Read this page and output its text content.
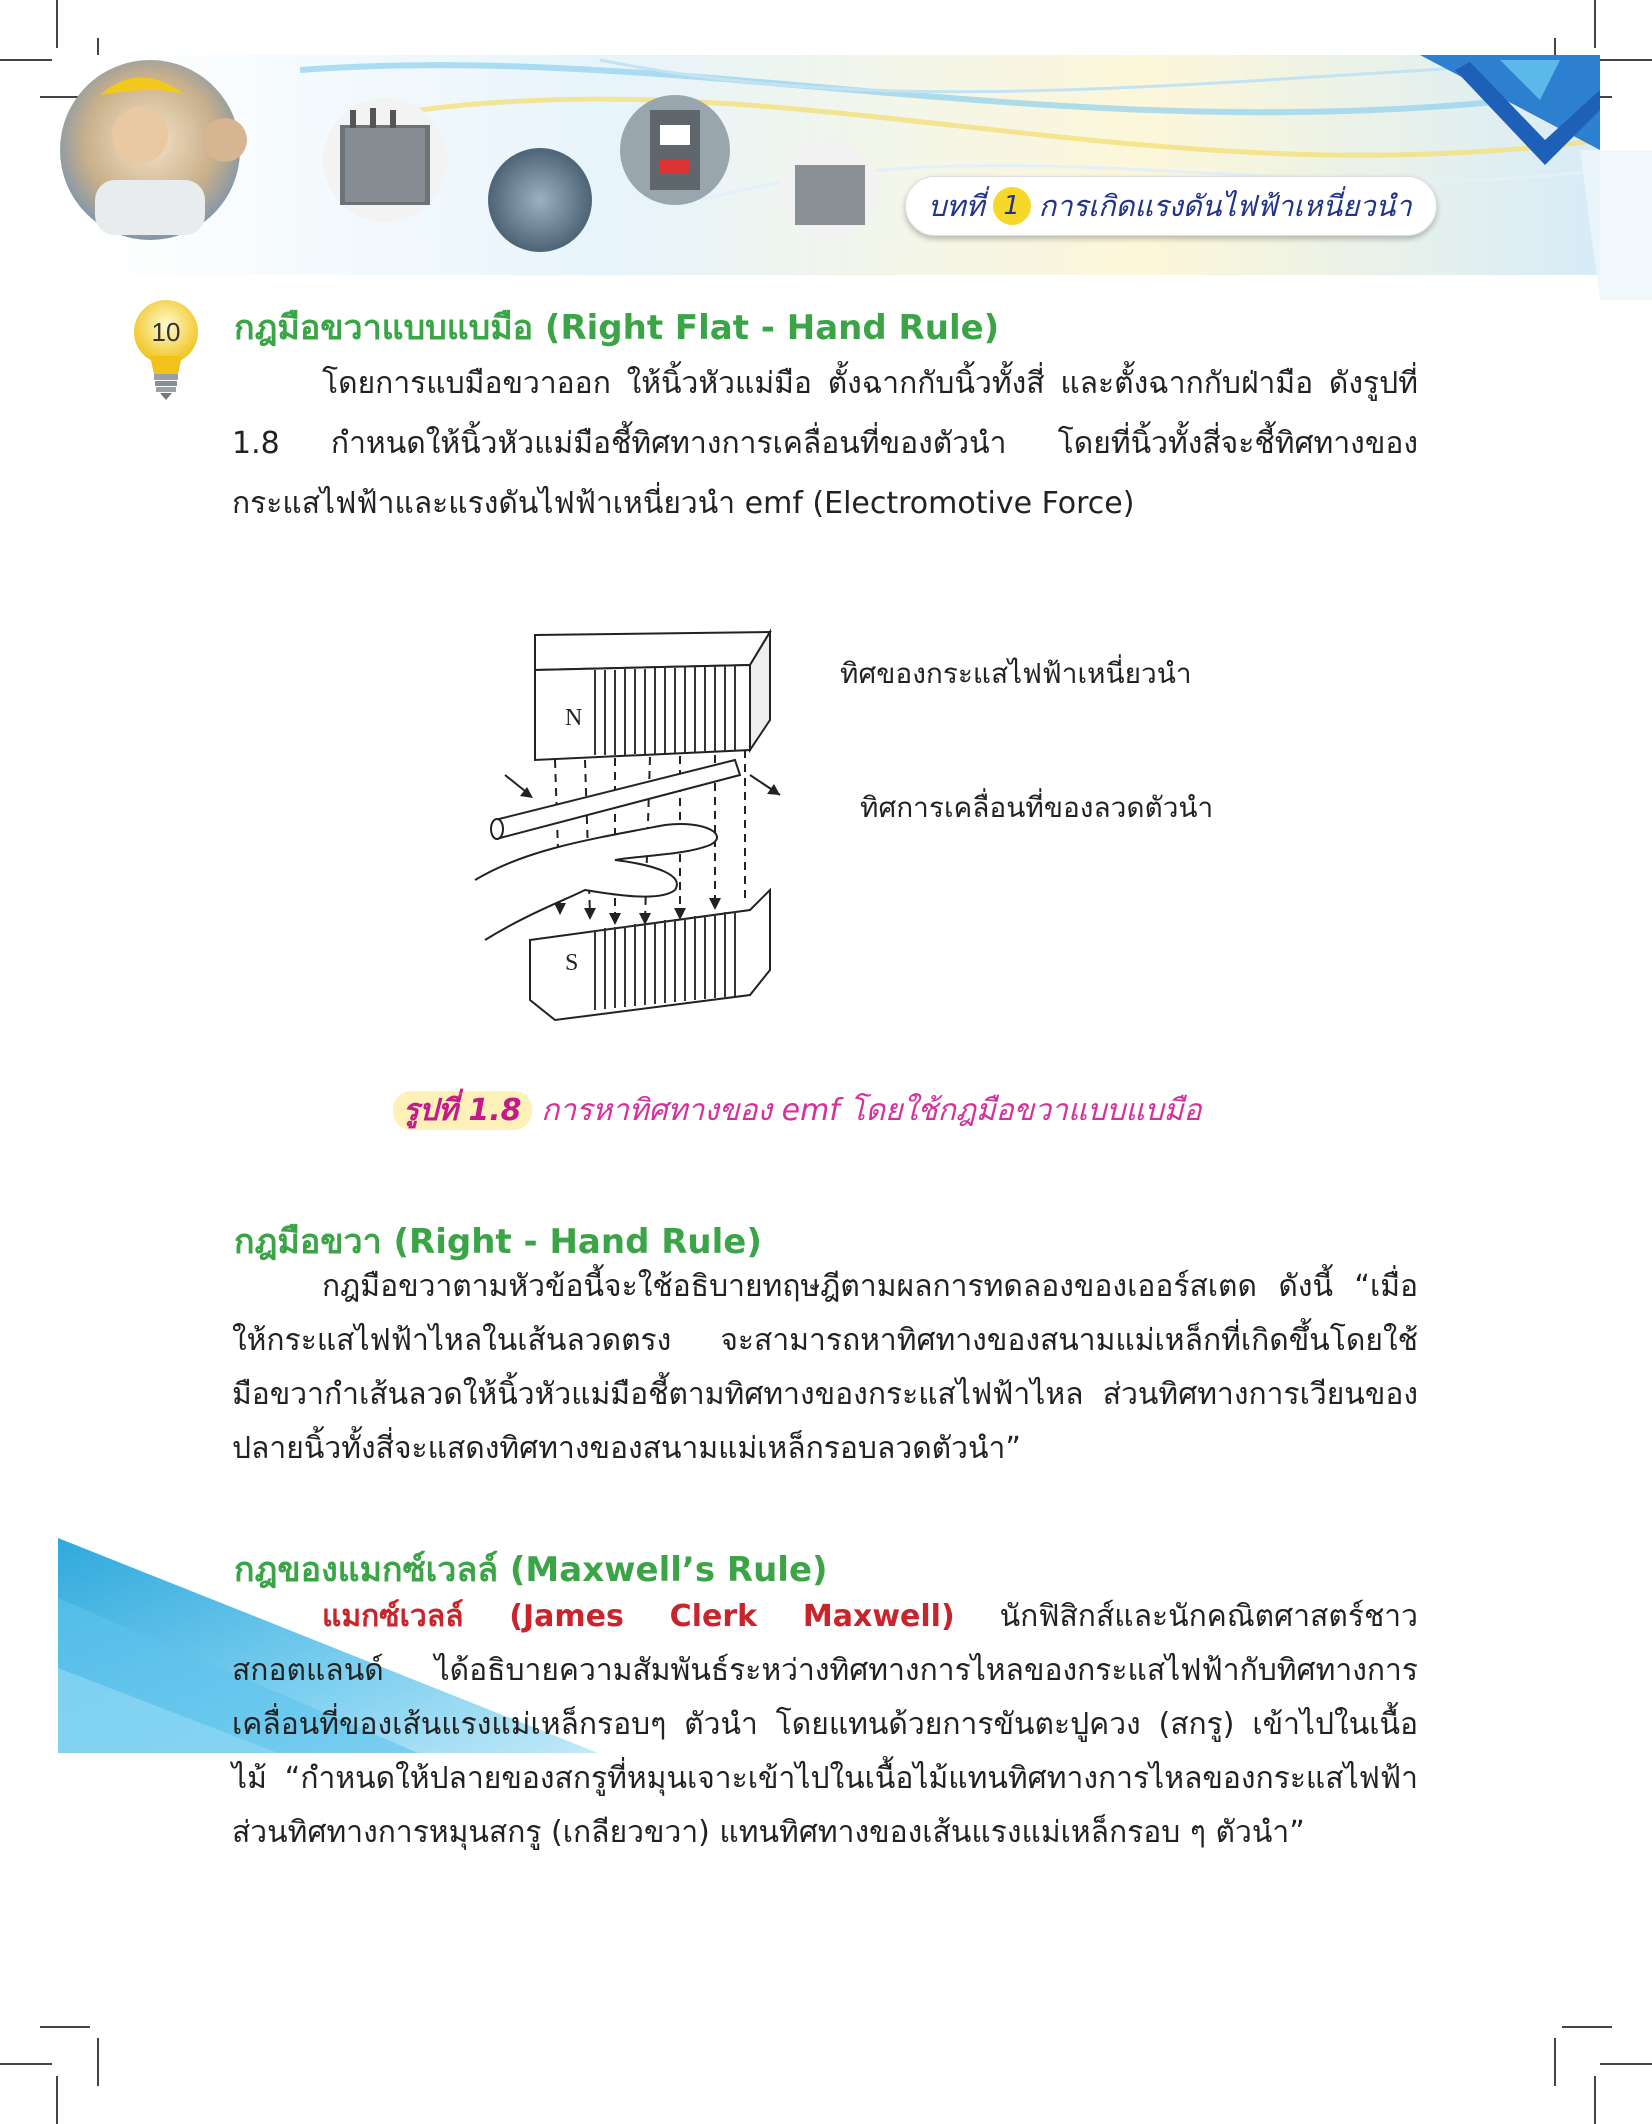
บทที่ 1 การเกิดแรงดันไฟฟ้าเหนี่ยวนำ
10 กฎมือขวาแบบแบมือ (Right Flat - Hand Rule)

โดยการแบมือขวาออก ให้นิ้วหัวแม่มือ ตั้งฉากกับนิ้วทั้งสี่ และตั้งฉากกับฝ่ามือ ดังรูปที่ 1.8 กำหนดให้นิ้วหัวแม่มือชี้ทิศทางการเคลื่อนที่ของตัวนำ โดยที่นิ้วทั้งสี่จะชี้ทิศทางของกระแสไฟฟ้าและแรงดันไฟฟ้าเหนี่ยวนำ emf (Electromotive Force)

N
S
ทิศของกระแสไฟฟ้าเหนี่ยวนำ
ทิศการเคลื่อนที่ของลวดตัวนำ
รูปที่ 1.8 การหาทิศทางของ emf โดยใช้กฎมือขวาแบบแบมือ
กฎมือขวา (Right - Hand Rule)

กฎมือขวาตามหัวข้อนี้จะใช้อธิบายทฤษฎีตามผลการทดลองของเออร์สเตด ดังนี้ “เมื่อให้กระแสไฟฟ้าไหลในเส้นลวดตรง จะสามารถหาทิศทางของสนามแม่เหล็กที่เกิดขึ้นโดยใช้มือขวากำเส้นลวดให้นิ้วหัวแม่มือชี้ตามทิศทางของกระแสไฟฟ้าไหล ส่วนทิศทางการเวียนของปลายนิ้วทั้งสี่จะแสดงทิศทางของสนามแม่เหล็กรอบลวดตัวนำ”

กฎของแมกซ์เวลล์ (Maxwell’s Rule)

แมกซ์เวลล์ (James Clerk Maxwell) นักฟิสิกส์และนักคณิตศาสตร์ชาวสกอตแลนด์ ได้อธิบายความสัมพันธ์ระหว่างทิศทางการไหลของกระแสไฟฟ้ากับทิศทางการเคลื่อนที่ของเส้นแรงแม่เหล็กรอบๆ ตัวนำ โดยแทนด้วยการขันตะปูควง (สกรู) เข้าไปในเนื้อไม้ “กำหนดให้ปลายของสกรูที่หมุนเจาะเข้าไปในเนื้อไม้แทนทิศทางการไหลของกระแสไฟฟ้า ส่วนทิศทางการหมุนสกรู (เกลียวขวา) แทนทิศทางของเส้นแรงแม่เหล็กรอบ ๆ ตัวนำ”
